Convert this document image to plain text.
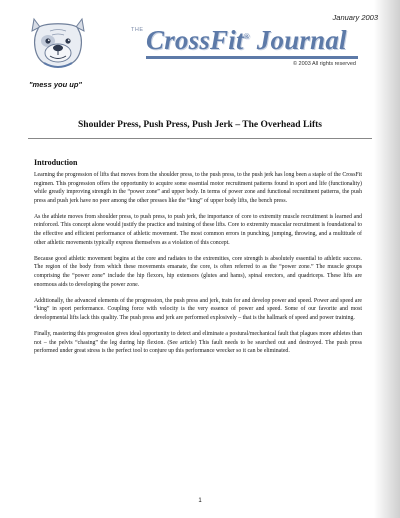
January 2003
"mess you up"
THE CrossFit® Journal
© 2003 All rights reserved
Shoulder Press, Push Press, Push Jerk – The Overhead Lifts
Introduction

Learning the progression of lifts that moves from the shoulder press, to the push press, to the push jerk has long been a staple of the CrossFit regimen. This progression offers the opportunity to acquire some essential motor recruitment patterns found in sport and life (functionality) while greatly improving strength in the “power zone” and upper body. In terms of power zone and functional recruitment patterns, the push press and push jerk have no peer among the other presses like the “king” of upper body lifts, the bench press.

As the athlete moves from shoulder press, to push press, to push jerk, the importance of core to extremity muscle recruitment is learned and reinforced. This concept alone would justify the practice and training of these lifts. Core to extremity muscular recruitment is foundational to the effective and efficient performance of athletic movement. The most common errors in punching, jumping, throwing, and a multitude of other athletic movements typically express themselves as a violation of this concept.

Because good athletic movement begins at the core and radiates to the extremities, core strength is absolutely essential to athletic success. The region of the body from which these movements emanate, the core, is often referred to as the “power zone.” The muscle groups comprising the “power zone” include the hip flexors, hip extensors (glutes and hams), spinal erectors, and quadriceps. These lifts are enormous aids to developing the power zone.

Additionally, the advanced elements of the progression, the push press and jerk, train for and develop power and speed. Power and speed are “king” in sport performance. Coupling force with velocity is the very essence of power and speed. Some of our favorite and most developmental lifts lack this quality. The push press and jerk are performed explosively – that is the hallmark of speed and power training.

Finally, mastering this progression gives ideal opportunity to detect and eliminate a postural/mechanical fault that plagues more athletes than not – the pelvis “chasing” the leg during hip flexion. (See article) This fault needs to be searched out and destroyed. The push press performed under great stress is the perfect tool to conjure up this performance wrecker so it can be eliminated.

1
